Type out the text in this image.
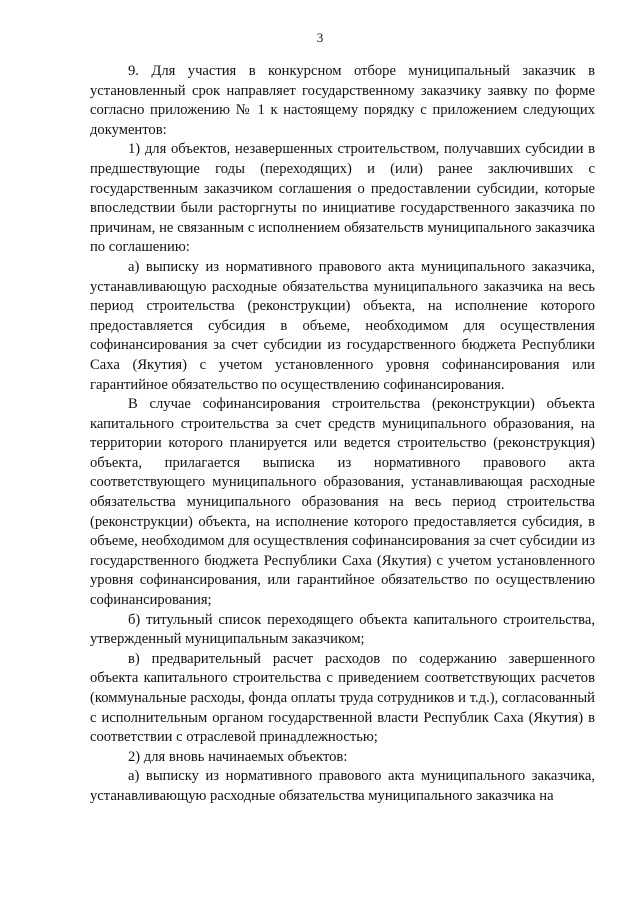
3

9. Для участия в конкурсном отборе муниципальный заказчик в установленный срок направляет государственному заказчику заявку по форме согласно приложению № 1 к настоящему порядку с приложением следующих документов:

1) для объектов, незавершенных строительством, получавших субсидии в предшествующие годы (переходящих) и (или) ранее заключивших с государственным заказчиком соглашения о предоставлении субсидии, которые впоследствии были расторгнуты по инициативе государственного заказчика по причинам, не связанным с исполнением обязательств муниципального заказчика по соглашению:

а) выписку из нормативного правового акта муниципального заказчика, устанавливающую расходные обязательства муниципального заказчика на весь период строительства (реконструкции) объекта, на исполнение которого предоставляется субсидия в объеме, необходимом для осуществления софинансирования за счет субсидии из государственного бюджета Республики Саха (Якутия) с учетом установленного уровня софинансирования или гарантийное обязательство по осуществлению софинансирования.

В случае софинансирования строительства (реконструкции) объекта капитального строительства за счет средств муниципального образования, на территории которого планируется или ведется строительство (реконструкция) объекта, прилагается выписка из нормативного правового акта соответствующего муниципального образования, устанавливающая расходные обязательства муниципального образования на весь период строительства (реконструкции) объекта, на исполнение которого предоставляется субсидия, в объеме, необходимом для осуществления софинансирования за счет субсидии из государственного бюджета Республики Саха (Якутия) с учетом установленного уровня софинансирования, или гарантийное обязательство по осуществлению софинансирования;

б) титульный список переходящего объекта капитального строительства, утвержденный муниципальным заказчиком;

в) предварительный расчет расходов по содержанию завершенного объекта капитального строительства с приведением соответствующих расчетов (коммунальные расходы, фонда оплаты труда сотрудников и т.д.), согласованный с исполнительным органом государственной власти Республик Саха (Якутия) в соответствии с отраслевой принадлежностью;

2) для вновь начинаемых объектов:

а) выписку из нормативного правового акта муниципального заказчика, устанавливающую расходные обязательства муниципального заказчика на
